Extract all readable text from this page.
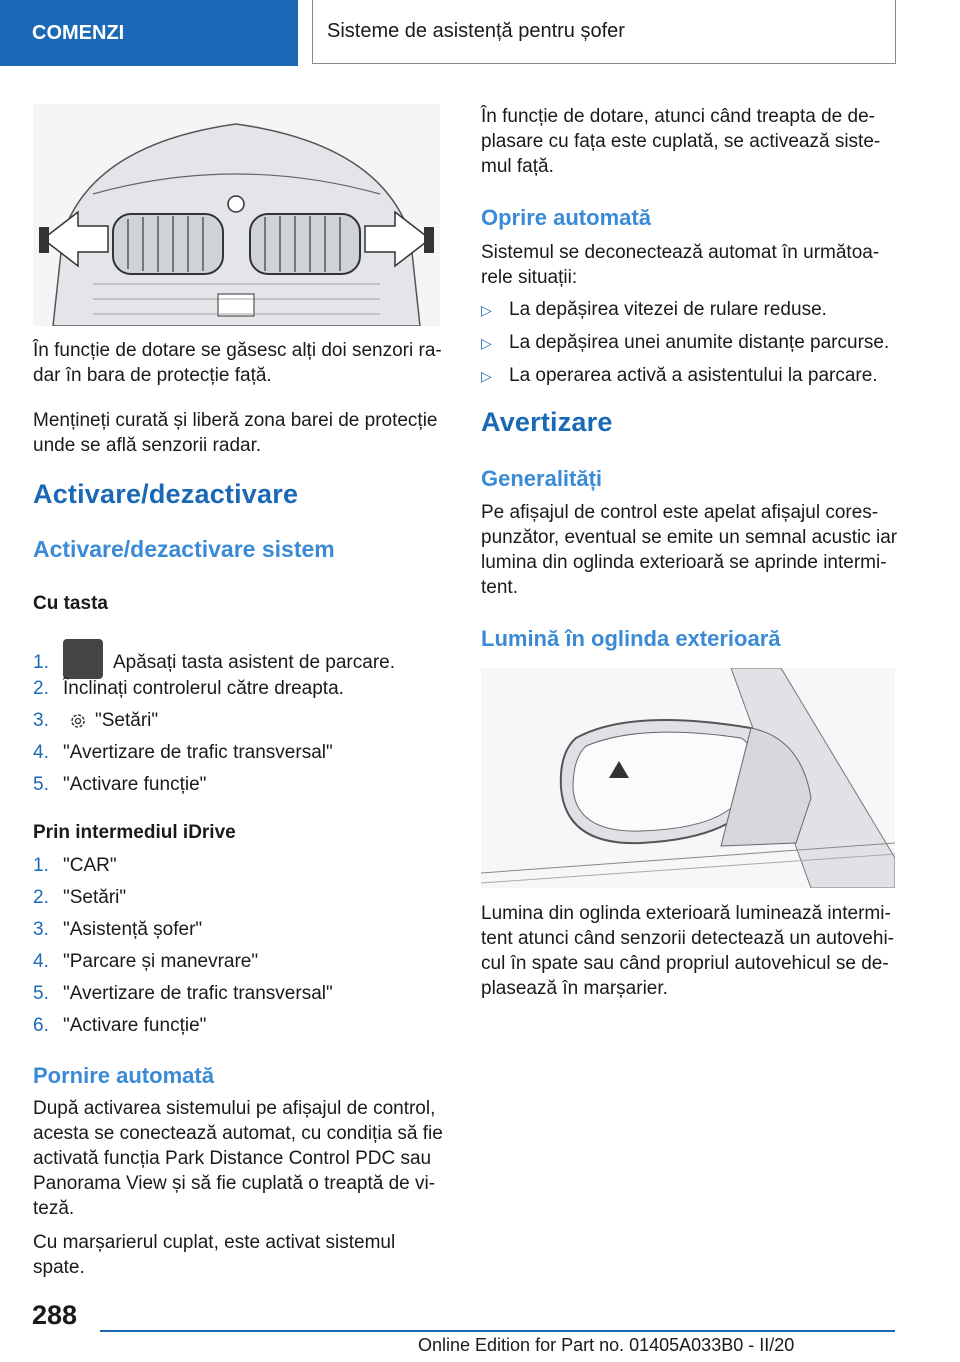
COMENZI	Sisteme de asistență pentru șofer

În funcție de dotare se găsesc alți doi senzori ra-

dar în bara de protecție față.

Mențineți curată și liberă zona barei de protecție

unde se află senzorii radar.

Activare/dezactivare
Activare/dezactivare sistem
Cu tasta
1.	Apăsați tasta asistent de parcare.
2. Înclinați controlerul către dreapta.
3. "Setări"
4. "Avertizare de trafic transversal"
5. "Activare funcție"
Prin intermediul iDrive
1. "CAR"
2. "Setări"
3. "Asistență șofer"
4. "Parcare și manevrare"
5. "Avertizare de trafic transversal"
6. "Activare funcție"
Pornire automată

După activarea sistemului pe afișajul de control,

acesta se conectează automat, cu condiția să fie

activată funcția Park Distance Control PDC sau

Panorama View și să fie cuplată o treaptă de vi-

teză.

Cu marșarierul cuplat, este activat sistemul

spate.

În funcție de dotare, atunci când treapta de de-

plasare cu fața este cuplată, se activează siste-

mul față.

Oprire automată

Sistemul se deconectează automat în următoa-

rele situații:

▷ La depășirea vitezei de rulare reduse.
▷ La depășirea unei anumite distanțe parcurse.
▷ La operarea activă a asistentului la parcare.
Avertizare
Generalități

Pe afișajul de control este apelat afișajul cores-

punzător, eventual se emite un semnal acustic iar

lumina din oglinda exterioară se aprinde intermi-

tent.

Lumină în oglinda exterioară

Lumina din oglinda exterioară luminează intermi-

tent atunci când senzorii detectează un autovehi-

cul în spate sau când propriul autovehicul se de-

plasează în marșarier.

288
Online Edition for Part no. 01405A033B0 - II/20
